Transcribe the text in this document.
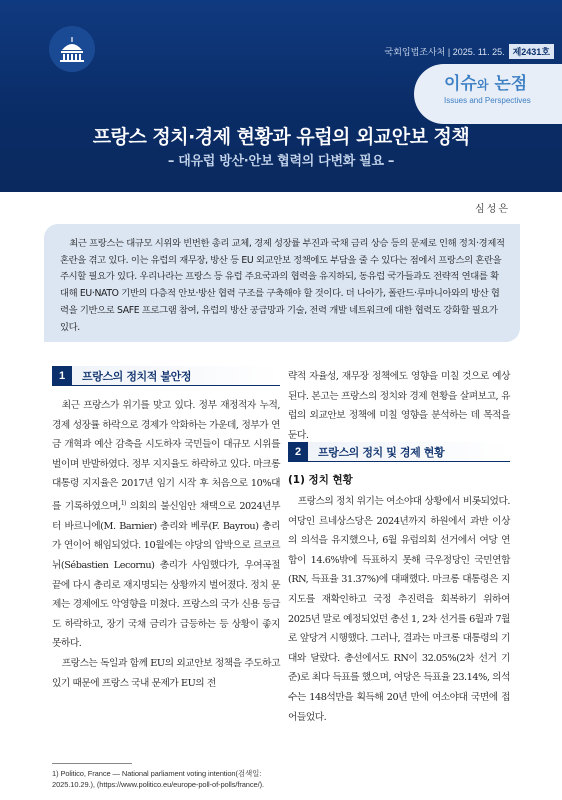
국회입법조사처 | 2025. 11. 25. 제2431호
이슈와 논점
Issues and Perspectives
프랑스 정치·경제 현황과 유럽의 외교안보 정책
– 대유럽 방산·안보 협력의 다변화 필요 –
심성은

최근 프랑스는 대규모 시위와 빈번한 총리 교체, 경제 성장률 부진과 국채 금리 상승 등의 문제로 인해 정치·경제적 혼란을 겪고 있다. 이는 유럽의 재무장, 방산 등 EU 외교안보 정책에도 부담을 줄 수 있다는 점에서 프랑스의 혼란을 주시할 필요가 있다. 우리나라는 프랑스 등 유럽 주요국과의 협력을 유지하되, 동유럽 국가들과도 전략적 연대를 확대해 EU·NATO 기반의 다층적 안보·방산 협력 구조를 구축해야 할 것이다. 더 나아가, 폴란드·루마니아와의 방산 협력을 기반으로 SAFE 프로그램 참여, 유럽의 방산 공급망과 기술, 전력 개발 네트워크에 대한 협력도 강화할 필요가 있다.

1	프랑스의 정치적 불안정

최근 프랑스가 위기를 맞고 있다. 정부 재정적자 누적, 경제 성장률 하락으로 경제가 악화하는 가운데, 정부가 연금 개혁과 예산 감축을 시도하자 국민들이 대규모 시위를 벌이며 반발하였다. 정부 지지율도 하락하고 있다. 마크롱 대통령 지지율은 2017년 임기 시작 후 처음으로 10%대를 기록하였으며,$^{1)}$ 의회의 불신임안 채택으로 2024년부터 바르니에(M. Barnier) 총리와 베루(F. Bayrou) 총리가 연이어 해임되었다. 10월에는 야당의 압박으로 르코르뉘(Sébastien Lecornu) 총리가 사임했다가, 우여곡절 끝에 다시 총리로 재지명되는 상황까지 벌어졌다. 정치 문제는 경제에도 악영향을 미쳤다. 프랑스의 국가 신용 등급도 하락하고, 장기 국채 금리가 급등하는 등 상황이 좋지 못하다.

프랑스는 독일과 함께 EU의 외교안보 정책을 주도하고 있기 때문에 프랑스 국내 문제가 EU의 전

략적 자율성, 재무장 정책에도 영향을 미칠 것으로 예상된다. 본고는 프랑스의 정치와 경제 현황을 살펴보고, 유럽의 외교안보 정책에 미칠 영향을 분석하는 데 목적을 둔다.
2	프랑스의 정치 및 경제 현황
(1) 정치 현황

프랑스의 정치 위기는 여소야대 상황에서 비롯되었다. 여당인 르네상스당은 2024년까지 하원에서 과반 이상의 의석을 유지했으나, 6월 유럽의회 선거에서 여당 연합이 14.6%밖에 득표하지 못해 극우정당인 국민연합(RN, 득표율 31.37%)에 대패했다. 마크롱 대통령은 지지도를 재확인하고 국정 추진력을 회복하기 위하여 2025년 말로 예정되었던 총선 1, 2차 선거를 6월과 7월로 앞당겨 시행했다. 그러나, 결과는 마크롱 대통령의 기대와 달랐다. 총선에서도 RN이 32.05%(2차 선거 기준)로 최다 득표를 했으며, 여당은 득표율 23.14%, 의석수는 148석만을 획득해 20년 만에 여소야대 국면에 접어들었다.

1) Politico, France — National parliament voting intention(검색일: 2025.10.29.), (https://www.politico.eu/europe-poll-of-polls/france/).
